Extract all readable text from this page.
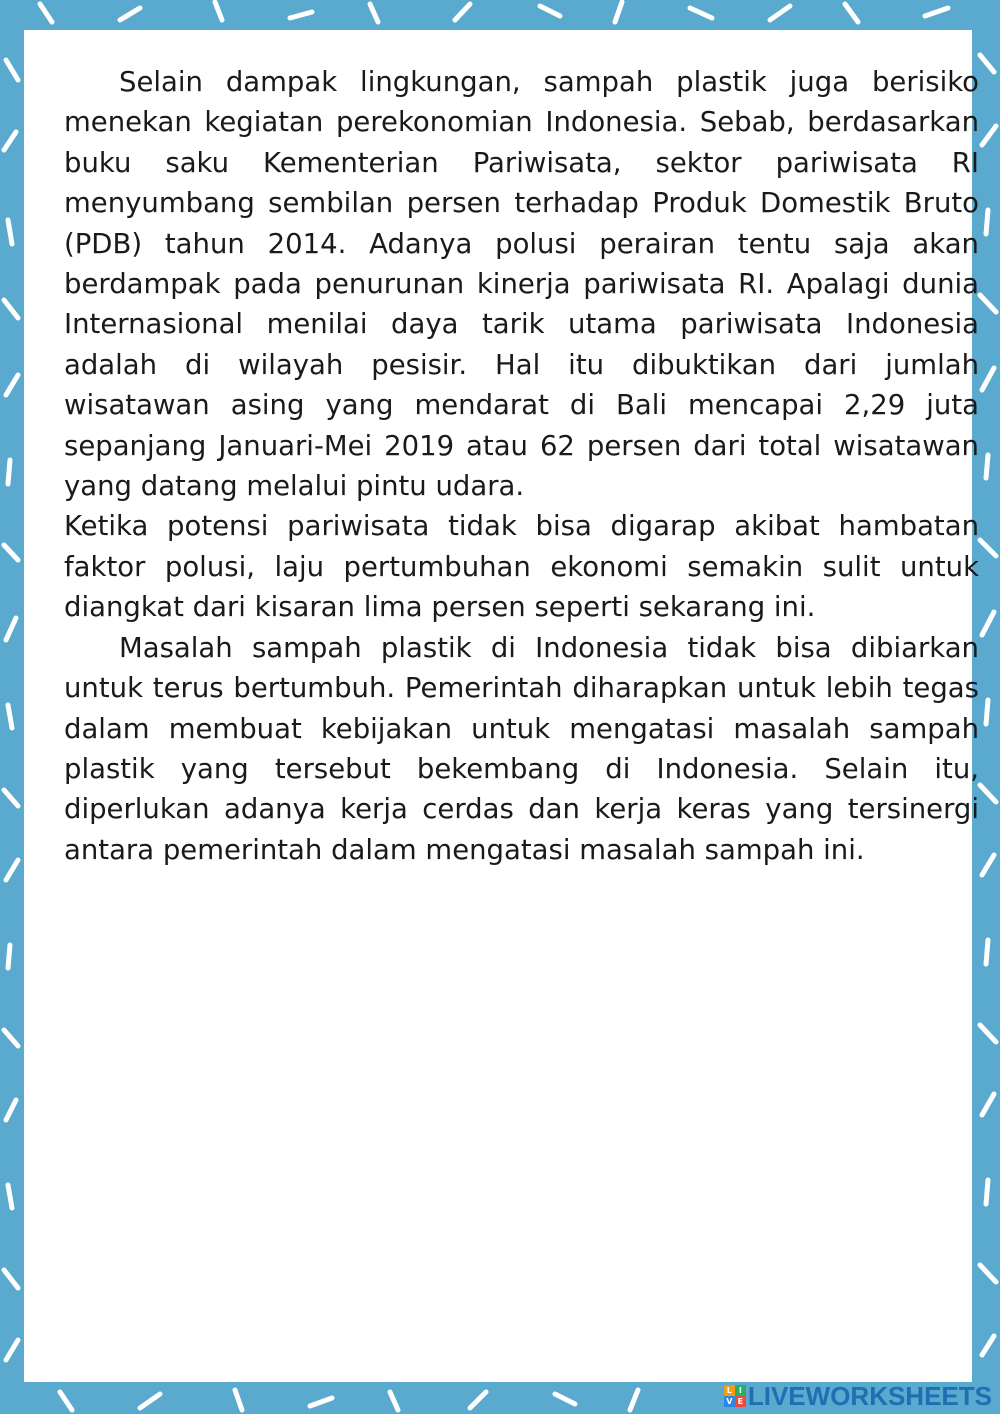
Selain dampak lingkungan, sampah plastik juga berisiko menekan kegiatan perekonomian Indonesia. Sebab, berdasarkan buku saku Kementerian Pariwisata, sektor pariwisata RI menyumbang sembilan persen terhadap Produk Domestik Bruto (PDB) tahun 2014. Adanya polusi perairan tentu saja akan berdampak pada penurunan kinerja pariwisata RI. Apalagi dunia Internasional menilai daya tarik utama pariwisata Indonesia adalah di wilayah pesisir. Hal itu dibuktikan dari jumlah wisatawan asing yang mendarat di Bali mencapai 2,29 juta sepanjang Januari-Mei 2019 atau 62 persen dari total wisatawan yang datang melalui pintu udara.

Ketika potensi pariwisata tidak bisa digarap akibat hambatan faktor polusi, laju pertumbuhan ekonomi semakin sulit untuk diangkat dari kisaran lima persen seperti sekarang ini.

Masalah sampah plastik di Indonesia tidak bisa dibiarkan untuk terus bertumbuh. Pemerintah diharapkan untuk lebih tegas dalam membuat kebijakan untuk mengatasi masalah sampah plastik yang tersebut bekembang di Indonesia. Selain itu, diperlukan adanya kerja cerdas dan kerja keras yang tersinergi antara pemerintah dalam mengatasi masalah sampah ini.

L I
V E LIVEWORKSHEETS
